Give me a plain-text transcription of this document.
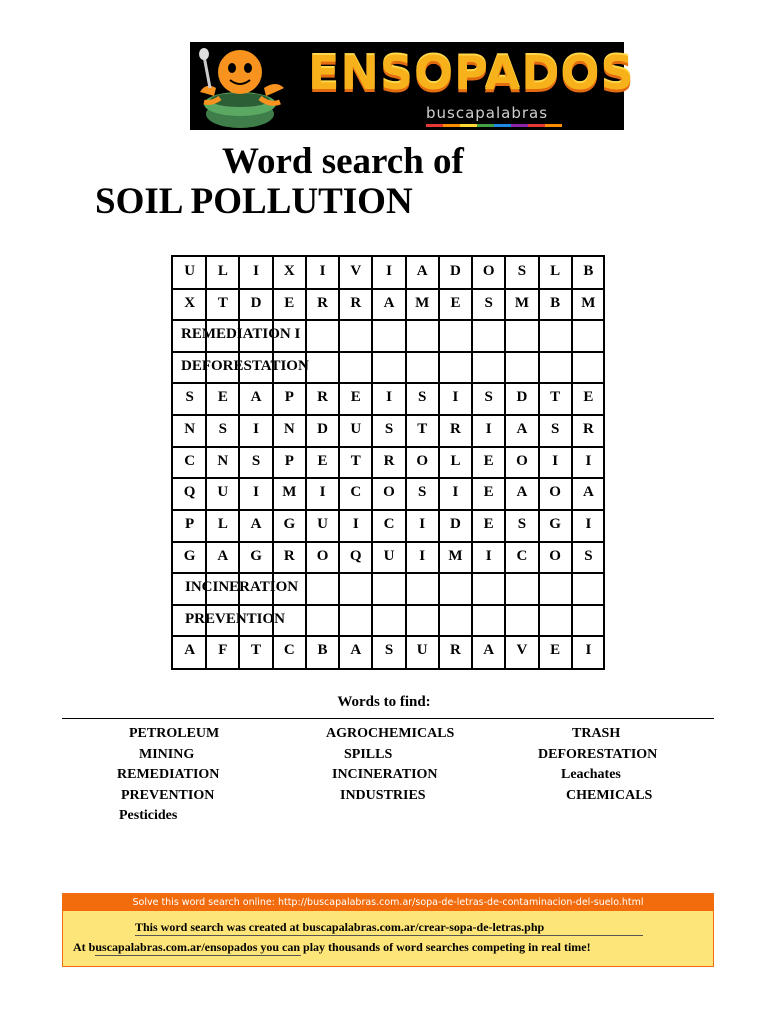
ENSOPADOS
buscapalabras
Word search of
SOIL POLLUTION
U L I X I V I A D O S L B
X T D E R R A M E S M B M
REMEDIATION I
DEFORESTATION
S E A P R E I S I S D T E
N S I N D U S T R I A S R
C N S P E T R O L E O I I
Q U I M I C O S I E A O A
P L A G U I C I D E S G I
G A G R O Q U I M I C O S
INCINERATION
PREVENTION
A F T C B A S U R A V E I
Words to find:
PETROLEUM
MINING
REMEDIATION
PREVENTION
Pesticides
AGROCHEMICALS
SPILLS
INCINERATION
INDUSTRIES
TRASH
DEFORESTATION
Leachates
CHEMICALS
Solve this word search online: http://buscapalabras.com.ar/sopa-de-letras-de-contaminacion-del-suelo.html
This word search was created at buscapalabras.com.ar/crear-sopa-de-letras.php
At buscapalabras.com.ar/ensopados you can play thousands of word searches competing in real time!
